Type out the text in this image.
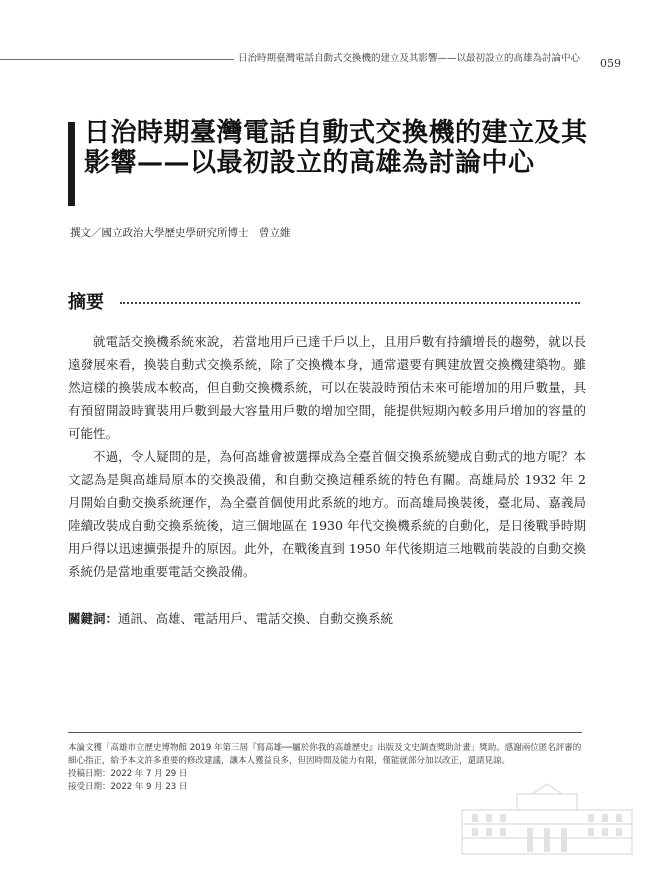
日治時期臺灣電話自動式交換機的建立及其影響——以最初設立的高雄為討論中心	059
日治時期臺灣電話自動式交換機的建立及其影響——以最初設立的高雄為討論中心
撰文／國立政治大學歷史學研究所博士　曾立維
摘要

就電話交換機系統來說，若當地用戶已達千戶以上，且用戶數有持續增長的趨勢，就以長遠發展來看，換裝自動式交換系統，除了交換機本身，通常還要有興建放置交換機建築物。雖然這樣的換裝成本較高，但自動交換機系統，可以在裝設時預估未來可能增加的用戶數量，具有預留開設時實裝用戶數到最大容量用戶數的增加空間，能提供短期內較多用戶增加的容量的可能性。

不過，令人疑問的是，為何高雄會被選擇成為全臺首個交換系統變成自動式的地方呢？本文認為是與高雄局原本的交換設備，和自動交換這種系統的特色有關。高雄局於 1932 年 2 月開始自動交換系統運作，為全臺首個使用此系統的地方。而高雄局換裝後，臺北局、嘉義局陸續改裝成自動交換系統後，這三個地區在 1930 年代交換機系統的自動化，是日後戰爭時期用戶得以迅速擴張提升的原因。此外，在戰後直到 1950 年代後期這三地戰前裝設的自動交換系統仍是當地重要電話交換設備。

關鍵詞：通訊、高雄、電話用戶、電話交換、自動交換系統

本論文獲「高雄市立歷史博物館 2019 年第三屆『寫高雄──屬於你我的高雄歷史』出版及文史調查獎助計畫」獎助。感謝兩位匿名評審的細心指正，給予本文許多重要的修改建議，讓本人獲益良多，但因時間及能力有限，僅能就部分加以改正，還請見諒。

投稿日期：2022 年 7 月 29 日

接受日期：2022 年 9 月 23 日
